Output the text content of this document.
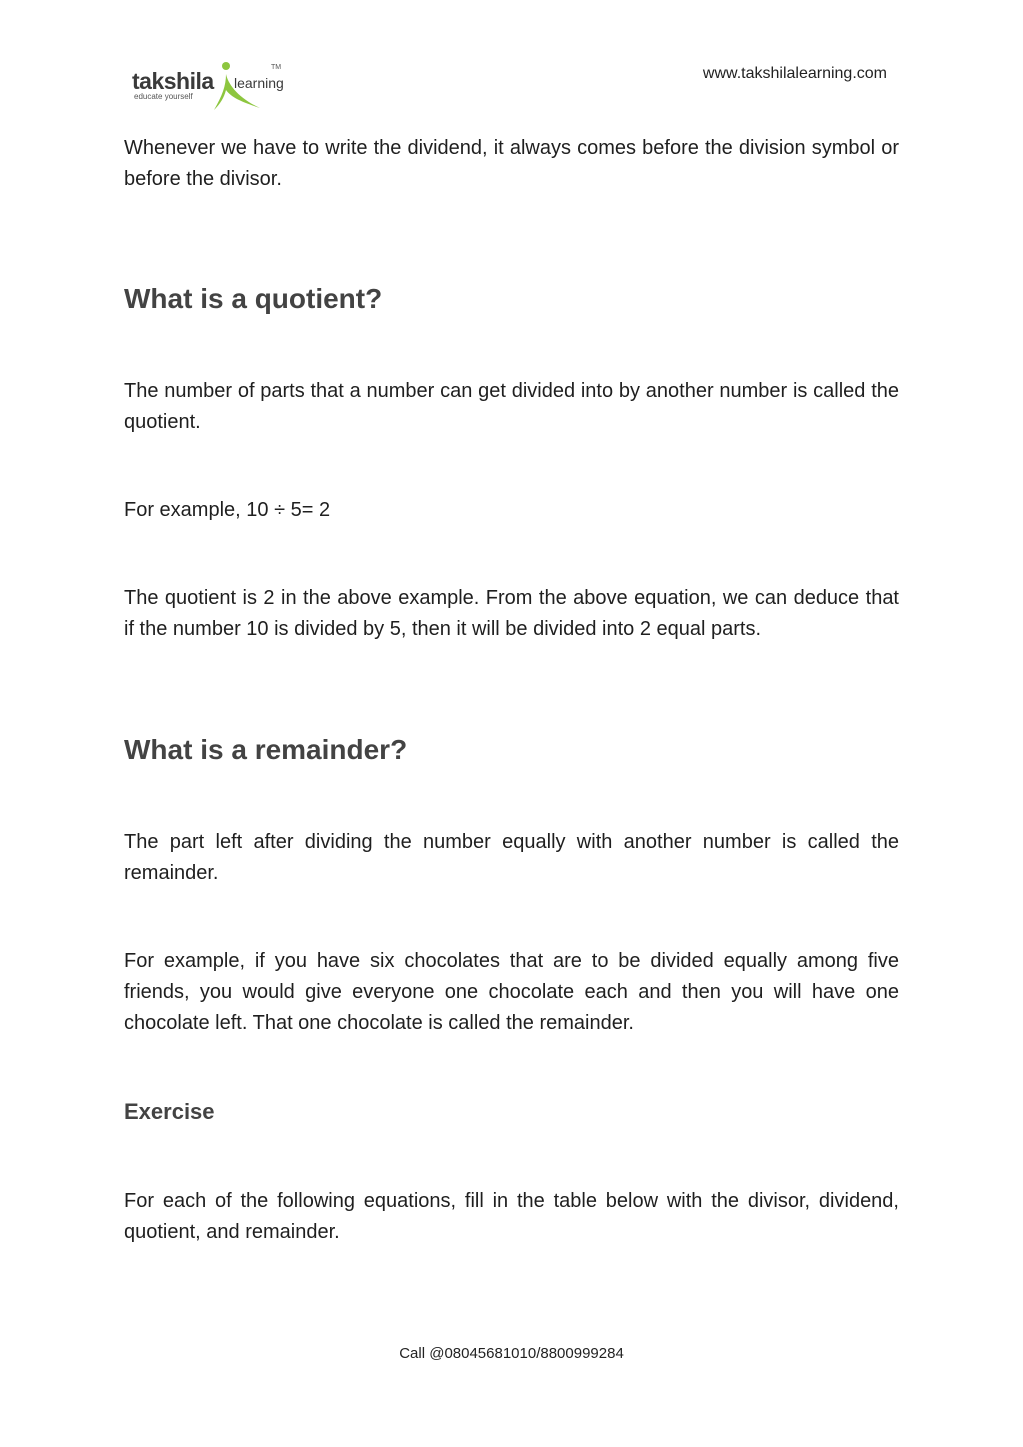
takshila learning
educate yourself
TM	www.takshilalearning.com

Whenever we have to write the dividend, it always comes before the division symbol or before the divisor.

What is a quotient?

The number of parts that a number can get divided into by another number is called the quotient.

For example, 10 ÷ 5= 2

The quotient is 2 in the above example. From the above equation, we can deduce that if the number 10 is divided by 5, then it will be divided into 2 equal parts.

What is a remainder?

The part left after dividing the number equally with another number is called the remainder.

For example, if you have six chocolates that are to be divided equally among five friends, you would give everyone one chocolate each and then you will have one chocolate left. That one chocolate is called the remainder.

Exercise

For each of the following equations, fill in the table below with the divisor, dividend, quotient, and remainder.

Call @08045681010/8800999284
